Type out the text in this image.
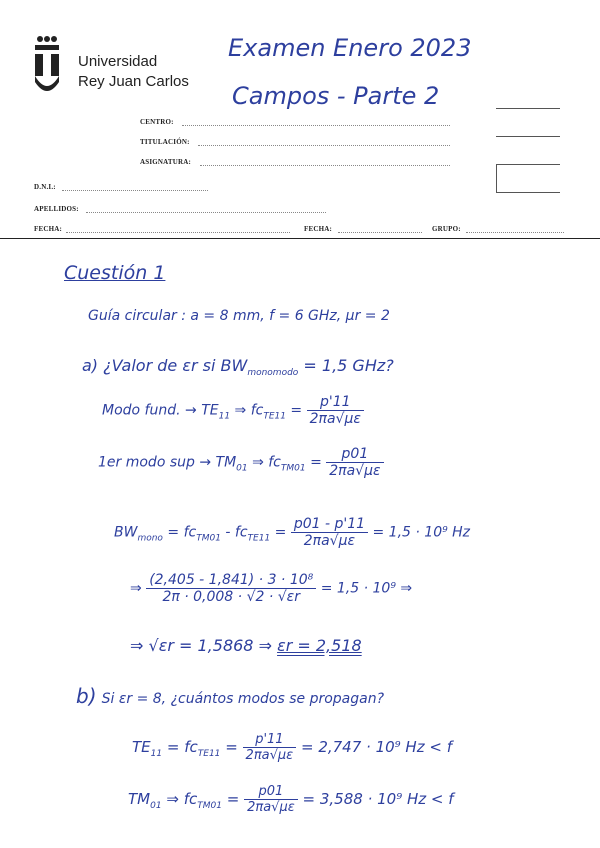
Universidad
Rey Juan Carlos
Examen Enero 2023
Campos - Parte 2
CENTRO:
TITULACIÓN:
ASIGNATURA:
D.N.I.:
APELLIDOS:
FECHA:	FECHA:	GRUPO:
Cuestión 1
Guía circular : a = 8 mm, f = 6 GHz, μr = 2
a) ¿Valor de εr si $BW_{monomodo} = 1,5$ GHz?
Modo fund. → $TE_{11}$ ⇒ $fc_{TE11} = \frac{p'11}{2\pi a√\mu\varepsilon}$
1er modo sup → $TM_{01}$ ⇒ $fc_{TM01} = \frac{p01}{2\pi a√\mu\varepsilon}$
$BW_{mono} = fc_{TM01} - fc_{TE11} = \frac{p01 - p'11}{2\pi a√\mu\varepsilon} = 1,5 \cdot 10^9$ Hz
⇒ $\frac{\text{(2,405 - 1,841) · 3 · 10⁸}}{2\pi \cdot 0,008 \cdot √2 \cdot √\varepsilon r} = 1,5 \cdot 10^9$ ⇒
⇒ √εr = 1,5868 ⇒ εr = 2,518
b) Si εr = 8, ¿cuántos modos se propagan?
$TE_{11} = fc_{TE11} = \frac{p'11}{2\pi a√\mu\varepsilon} = 2,747 \cdot 10^9$ Hz < f
$TM_{01}$ ⇒ $fc_{TM01} = \frac{p01}{2\pi a√\mu\varepsilon} = 3,588 \cdot 10^9$ Hz < f
